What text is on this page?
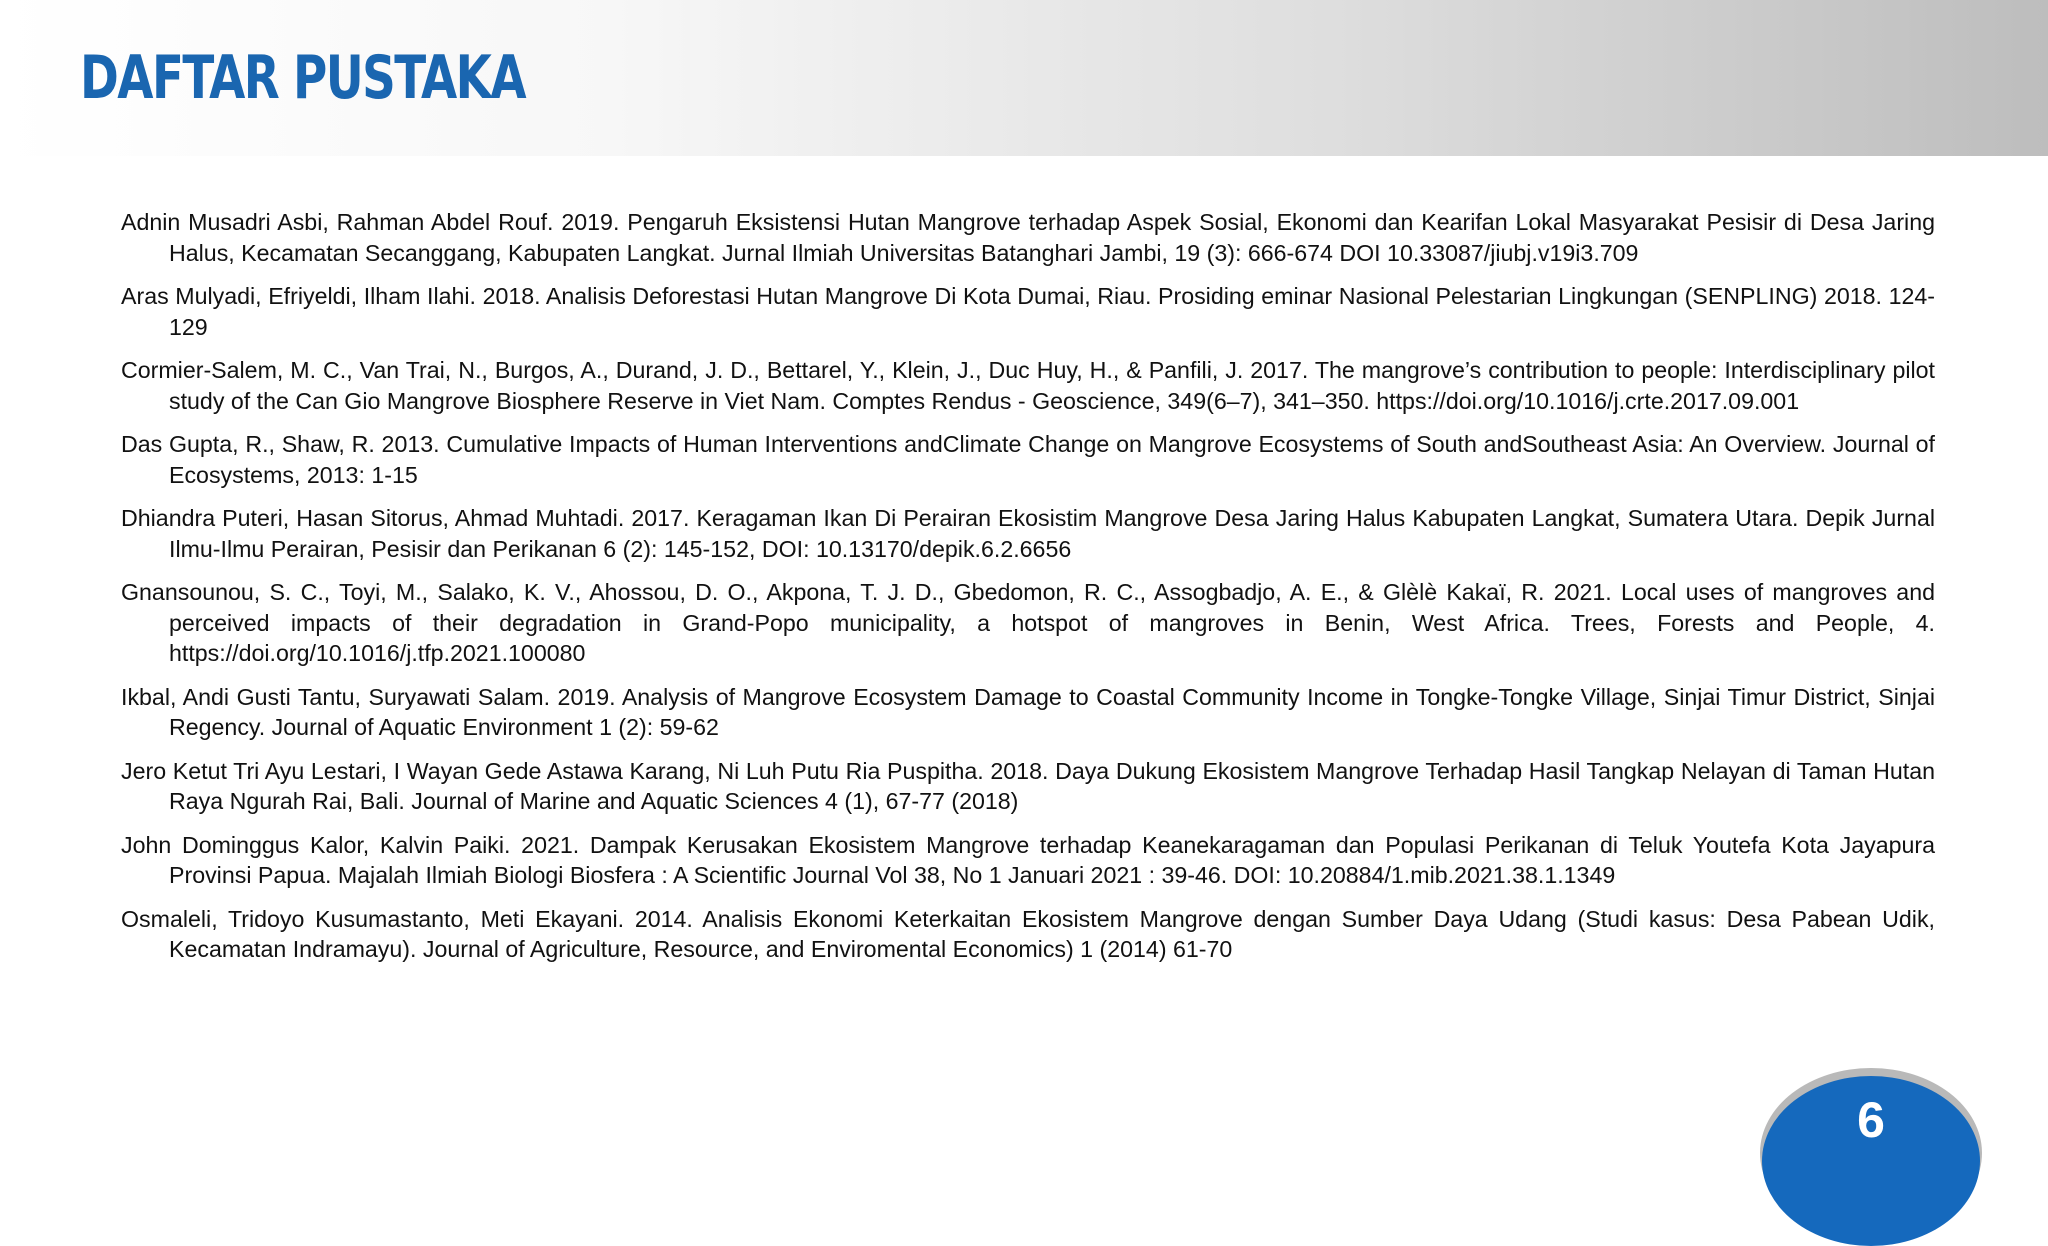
DAFTAR PUSTAKA
Adnin Musadri Asbi, Rahman Abdel Rouf. 2019. Pengaruh Eksistensi Hutan Mangrove terhadap Aspek Sosial, Ekonomi dan Kearifan Lokal Masyarakat Pesisir di Desa Jaring Halus, Kecamatan Secanggang, Kabupaten Langkat. Jurnal Ilmiah Universitas Batanghari Jambi, 19 (3): 666-674 DOI 10.33087/jiubj.v19i3.709
Aras Mulyadi, Efriyeldi, Ilham Ilahi. 2018. Analisis Deforestasi Hutan Mangrove Di Kota Dumai, Riau. Prosiding eminar Nasional Pelestarian Lingkungan (SENPLING) 2018. 124-129
Cormier-Salem, M. C., Van Trai, N., Burgos, A., Durand, J. D., Bettarel, Y., Klein, J., Duc Huy, H., & Panfili, J. 2017. The mangrove’s contribution to people: Interdisciplinary pilot study of the Can Gio Mangrove Biosphere Reserve in Viet Nam. Comptes Rendus - Geoscience, 349(6–7), 341–350. https://doi.org/10.1016/j.crte.2017.09.001
Das Gupta, R., Shaw, R. 2013. Cumulative Impacts of Human Interventions andClimate Change on Mangrove Ecosystems of South andSoutheast Asia: An Overview. Journal of Ecosystems, 2013: 1-15
Dhiandra Puteri, Hasan Sitorus, Ahmad Muhtadi. 2017. Keragaman Ikan Di Perairan Ekosistim Mangrove Desa Jaring Halus Kabupaten Langkat, Sumatera Utara. Depik Jurnal Ilmu-Ilmu Perairan, Pesisir dan Perikanan 6 (2): 145-152, DOI: 10.13170/depik.6.2.6656
Gnansounou, S. C., Toyi, M., Salako, K. V., Ahossou, D. O., Akpona, T. J. D., Gbedomon, R. C., Assogbadjo, A. E., & Glèlè Kakaï, R. 2021. Local uses of mangroves and perceived impacts of their degradation in Grand-Popo municipality, a hotspot of mangroves in Benin, West Africa. Trees, Forests and People, 4. https://doi.org/10.1016/j.tfp.2021.100080
Ikbal, Andi Gusti Tantu, Suryawati Salam. 2019. Analysis of Mangrove Ecosystem Damage to Coastal Community Income in Tongke-Tongke Village, Sinjai Timur District, Sinjai Regency. Journal of Aquatic Environment 1 (2): 59-62
Jero Ketut Tri Ayu Lestari, I Wayan Gede Astawa Karang, Ni Luh Putu Ria Puspitha. 2018. Daya Dukung Ekosistem Mangrove Terhadap Hasil Tangkap Nelayan di Taman Hutan Raya Ngurah Rai, Bali. Journal of Marine and Aquatic Sciences 4 (1), 67-77 (2018)
John Dominggus Kalor, Kalvin Paiki. 2021. Dampak Kerusakan Ekosistem Mangrove terhadap Keanekaragaman dan Populasi Perikanan di Teluk Youtefa Kota Jayapura Provinsi Papua. Majalah Ilmiah Biologi Biosfera : A Scientific Journal Vol 38, No 1 Januari 2021 : 39-46. DOI: 10.20884/1.mib.2021.38.1.1349
Osmaleli, Tridoyo Kusumastanto, Meti Ekayani. 2014. Analisis Ekonomi Keterkaitan Ekosistem Mangrove dengan Sumber Daya Udang (Studi kasus: Desa Pabean Udik, Kecamatan Indramayu). Journal of Agriculture, Resource, and Enviromental Economics) 1 (2014) 61-70
6
